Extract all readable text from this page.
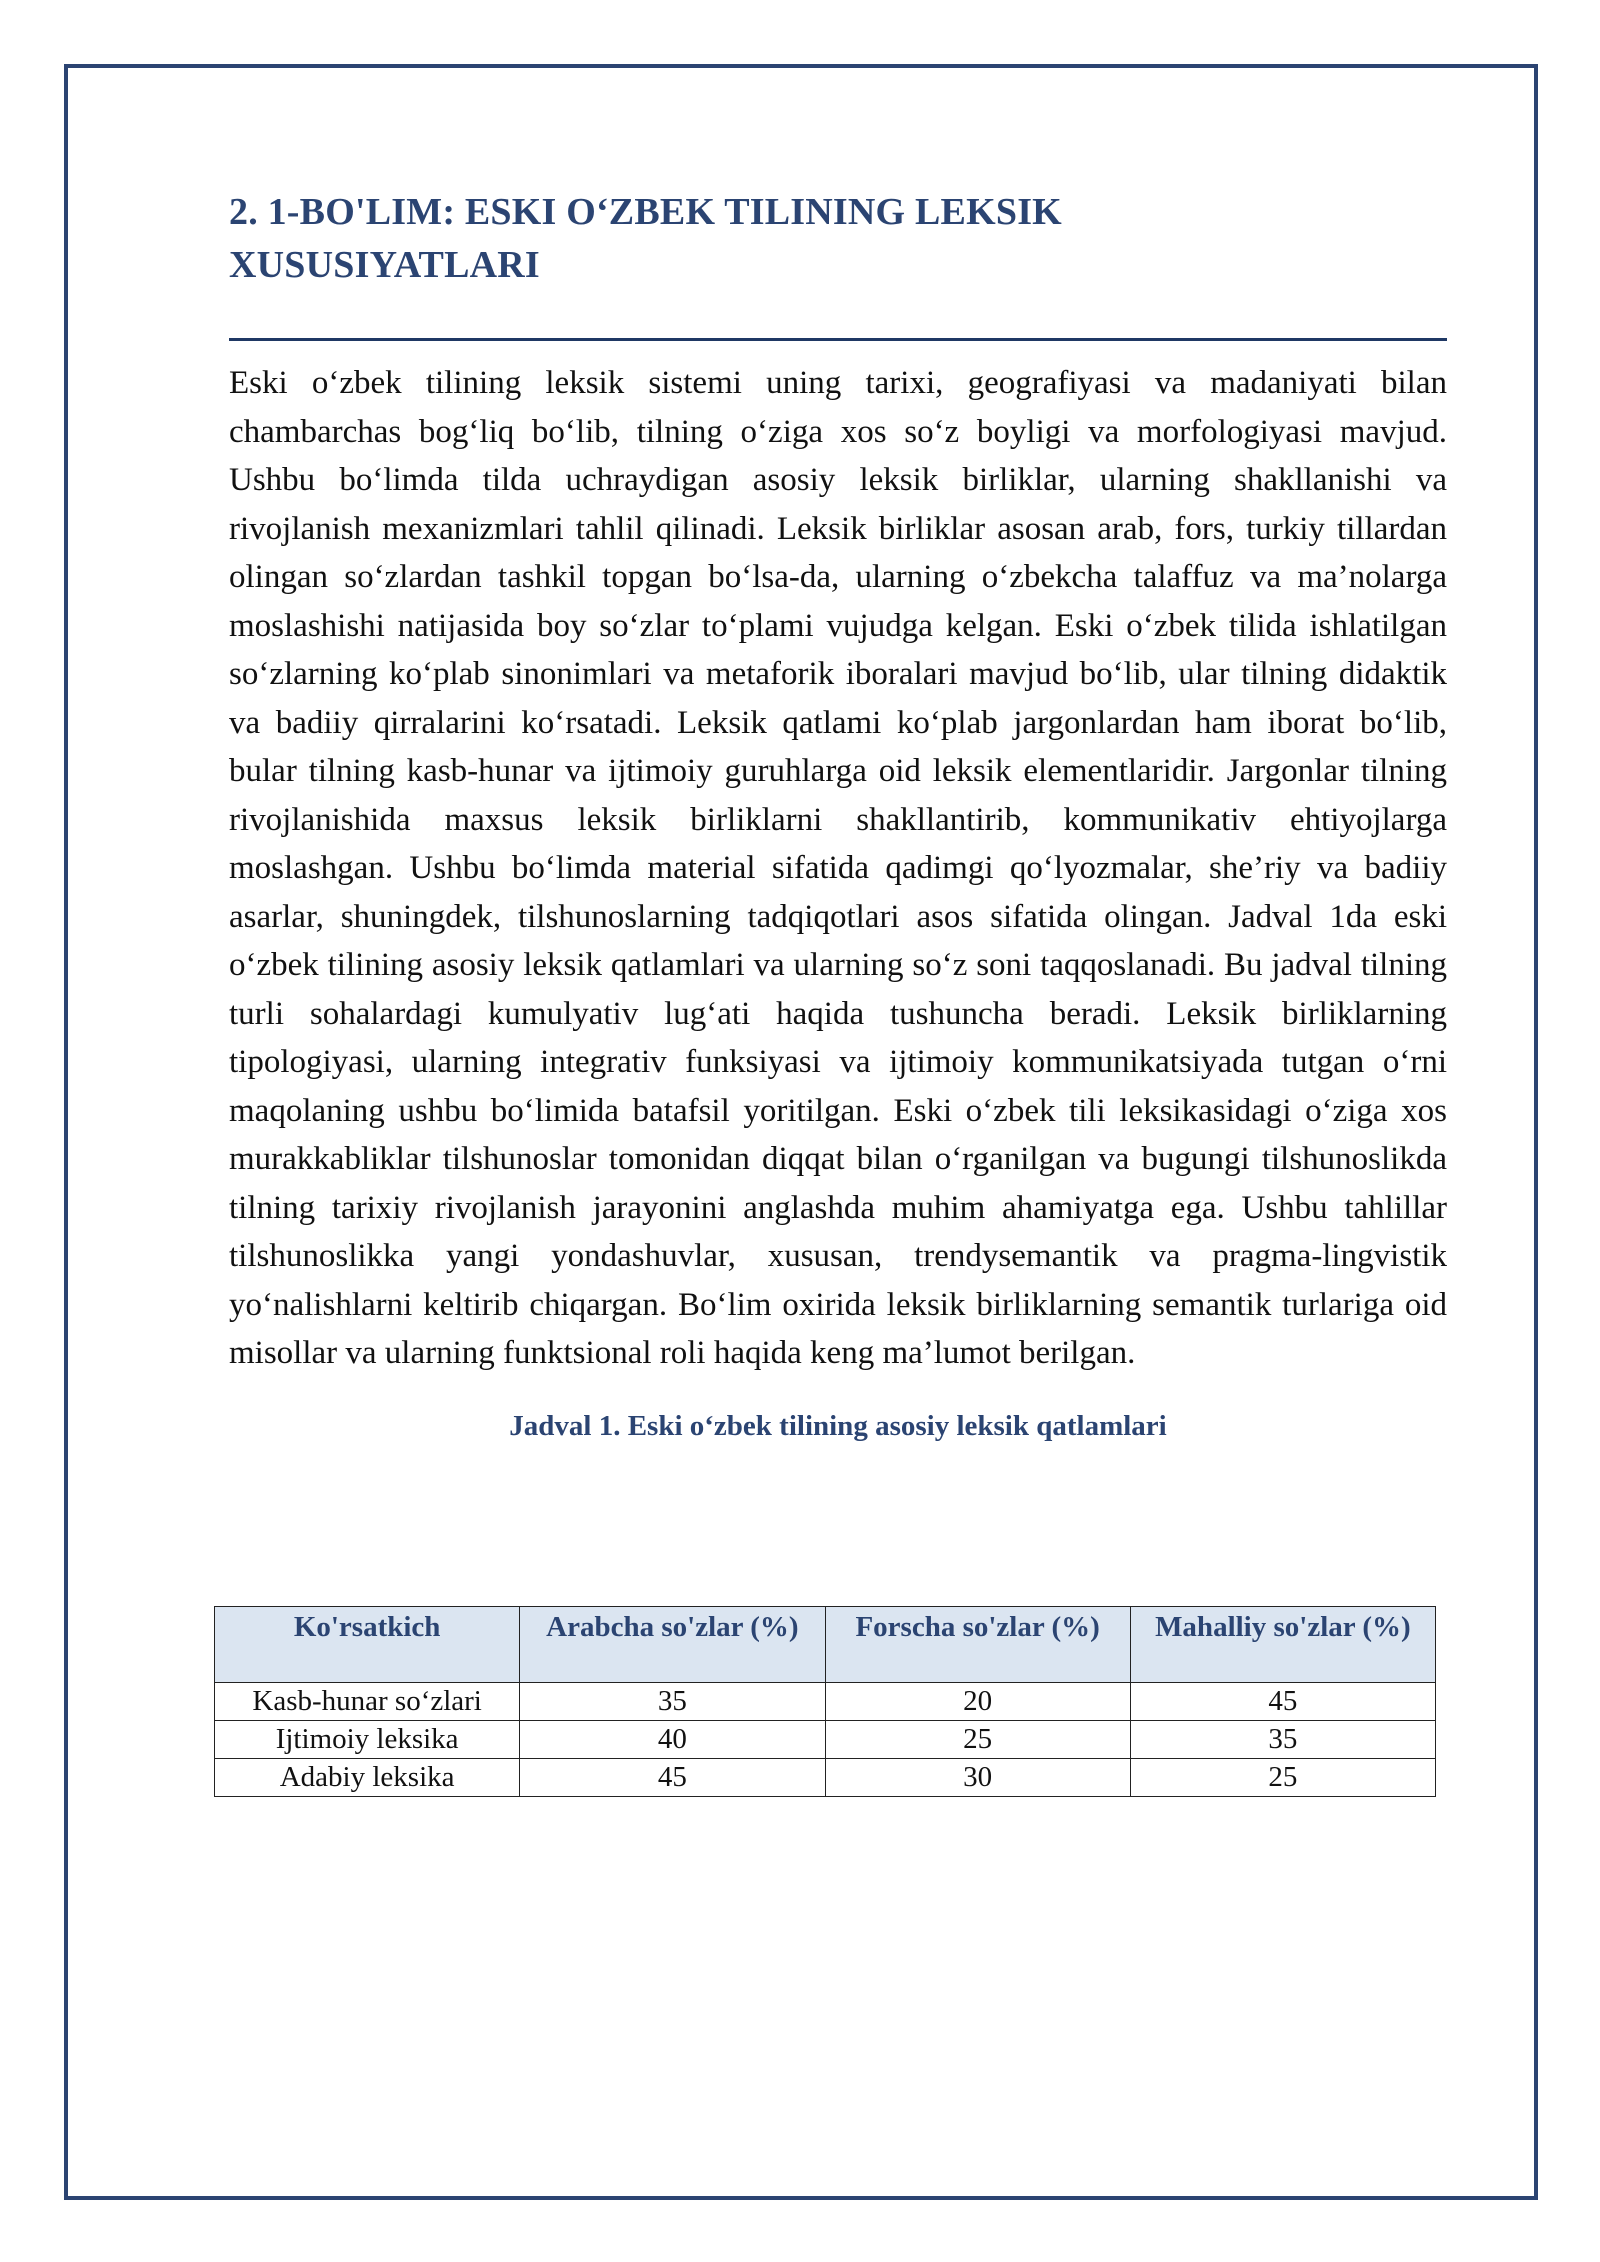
2. 1-BO'LIM: ESKI O‘ZBEK TILINING LEKSIK
XUSUSIYATLARI

Eski o‘zbek tilining leksik sistemi uning tarixi, geografiyasi va madaniyati bilan chambarchas bog‘liq bo‘lib, tilning o‘ziga xos so‘z boyligi va morfologiyasi mavjud. Ushbu bo‘limda tilda uchraydigan asosiy leksik birliklar, ularning shakllanishi va rivojlanish mexanizmlari tahlil qilinadi. Leksik birliklar asosan arab, fors, turkiy tillardan olingan so‘zlardan tashkil topgan bo‘lsa-da, ularning o‘zbekcha talaffuz va ma’nolarga moslashishi natijasida boy so‘zlar to‘plami vujudga kelgan. Eski o‘zbek tilida ishlatilgan so‘zlarning ko‘plab sinonimlari va metaforik iboralari mavjud bo‘lib, ular tilning didaktik va badiiy qirralarini ko‘rsatadi. Leksik qatlami ko‘plab jargonlardan ham iborat bo‘lib, bular tilning kasb-hunar va ijtimoiy guruhlarga oid leksik elementlaridir. Jargonlar tilning rivojlanishida maxsus leksik birliklarni shakllantirib, kommunikativ ehtiyojlarga moslashgan. Ushbu bo‘limda material sifatida qadimgi qo‘lyozmalar, she’riy va badiiy asarlar, shuningdek, tilshunoslarning tadqiqotlari asos sifatida olingan. Jadval 1da eski o‘zbek tilining asosiy leksik qatlamlari va ularning so‘z soni taqqoslanadi. Bu jadval tilning turli sohalardagi kumulyativ lug‘ati haqida tushuncha beradi. Leksik birliklarning tipologiyasi, ularning integrativ funksiyasi va ijtimoiy kommunikatsiyada tutgan o‘rni maqolaning ushbu bo‘limida batafsil yoritilgan. Eski o‘zbek tili leksikasidagi o‘ziga xos murakkabliklar tilshunoslar tomonidan diqqat bilan o‘rganilgan va bugungi tilshunoslikda tilning tarixiy rivojlanish jarayonini anglashda muhim ahamiyatga ega. Ushbu tahlillar tilshunoslikka yangi yondashuvlar, xususan, trendysemantik va pragma-lingvistik yo‘nalishlarni keltirib chiqargan. Bo‘lim oxirida leksik birliklarning semantik turlariga oid misollar va ularning funktsional roli haqida keng ma’lumot berilgan.

Jadval 1. Eski o‘zbek tilining asosiy leksik qatlamlari
Ko'rsatkich	Arabcha so'zlar (%)	Forscha so'zlar (%)	Mahalliy so'zlar (%)
Kasb-hunar so‘zlari	35	20	45
Ijtimoiy leksika	40	25	35
Adabiy leksika	45	30	25
